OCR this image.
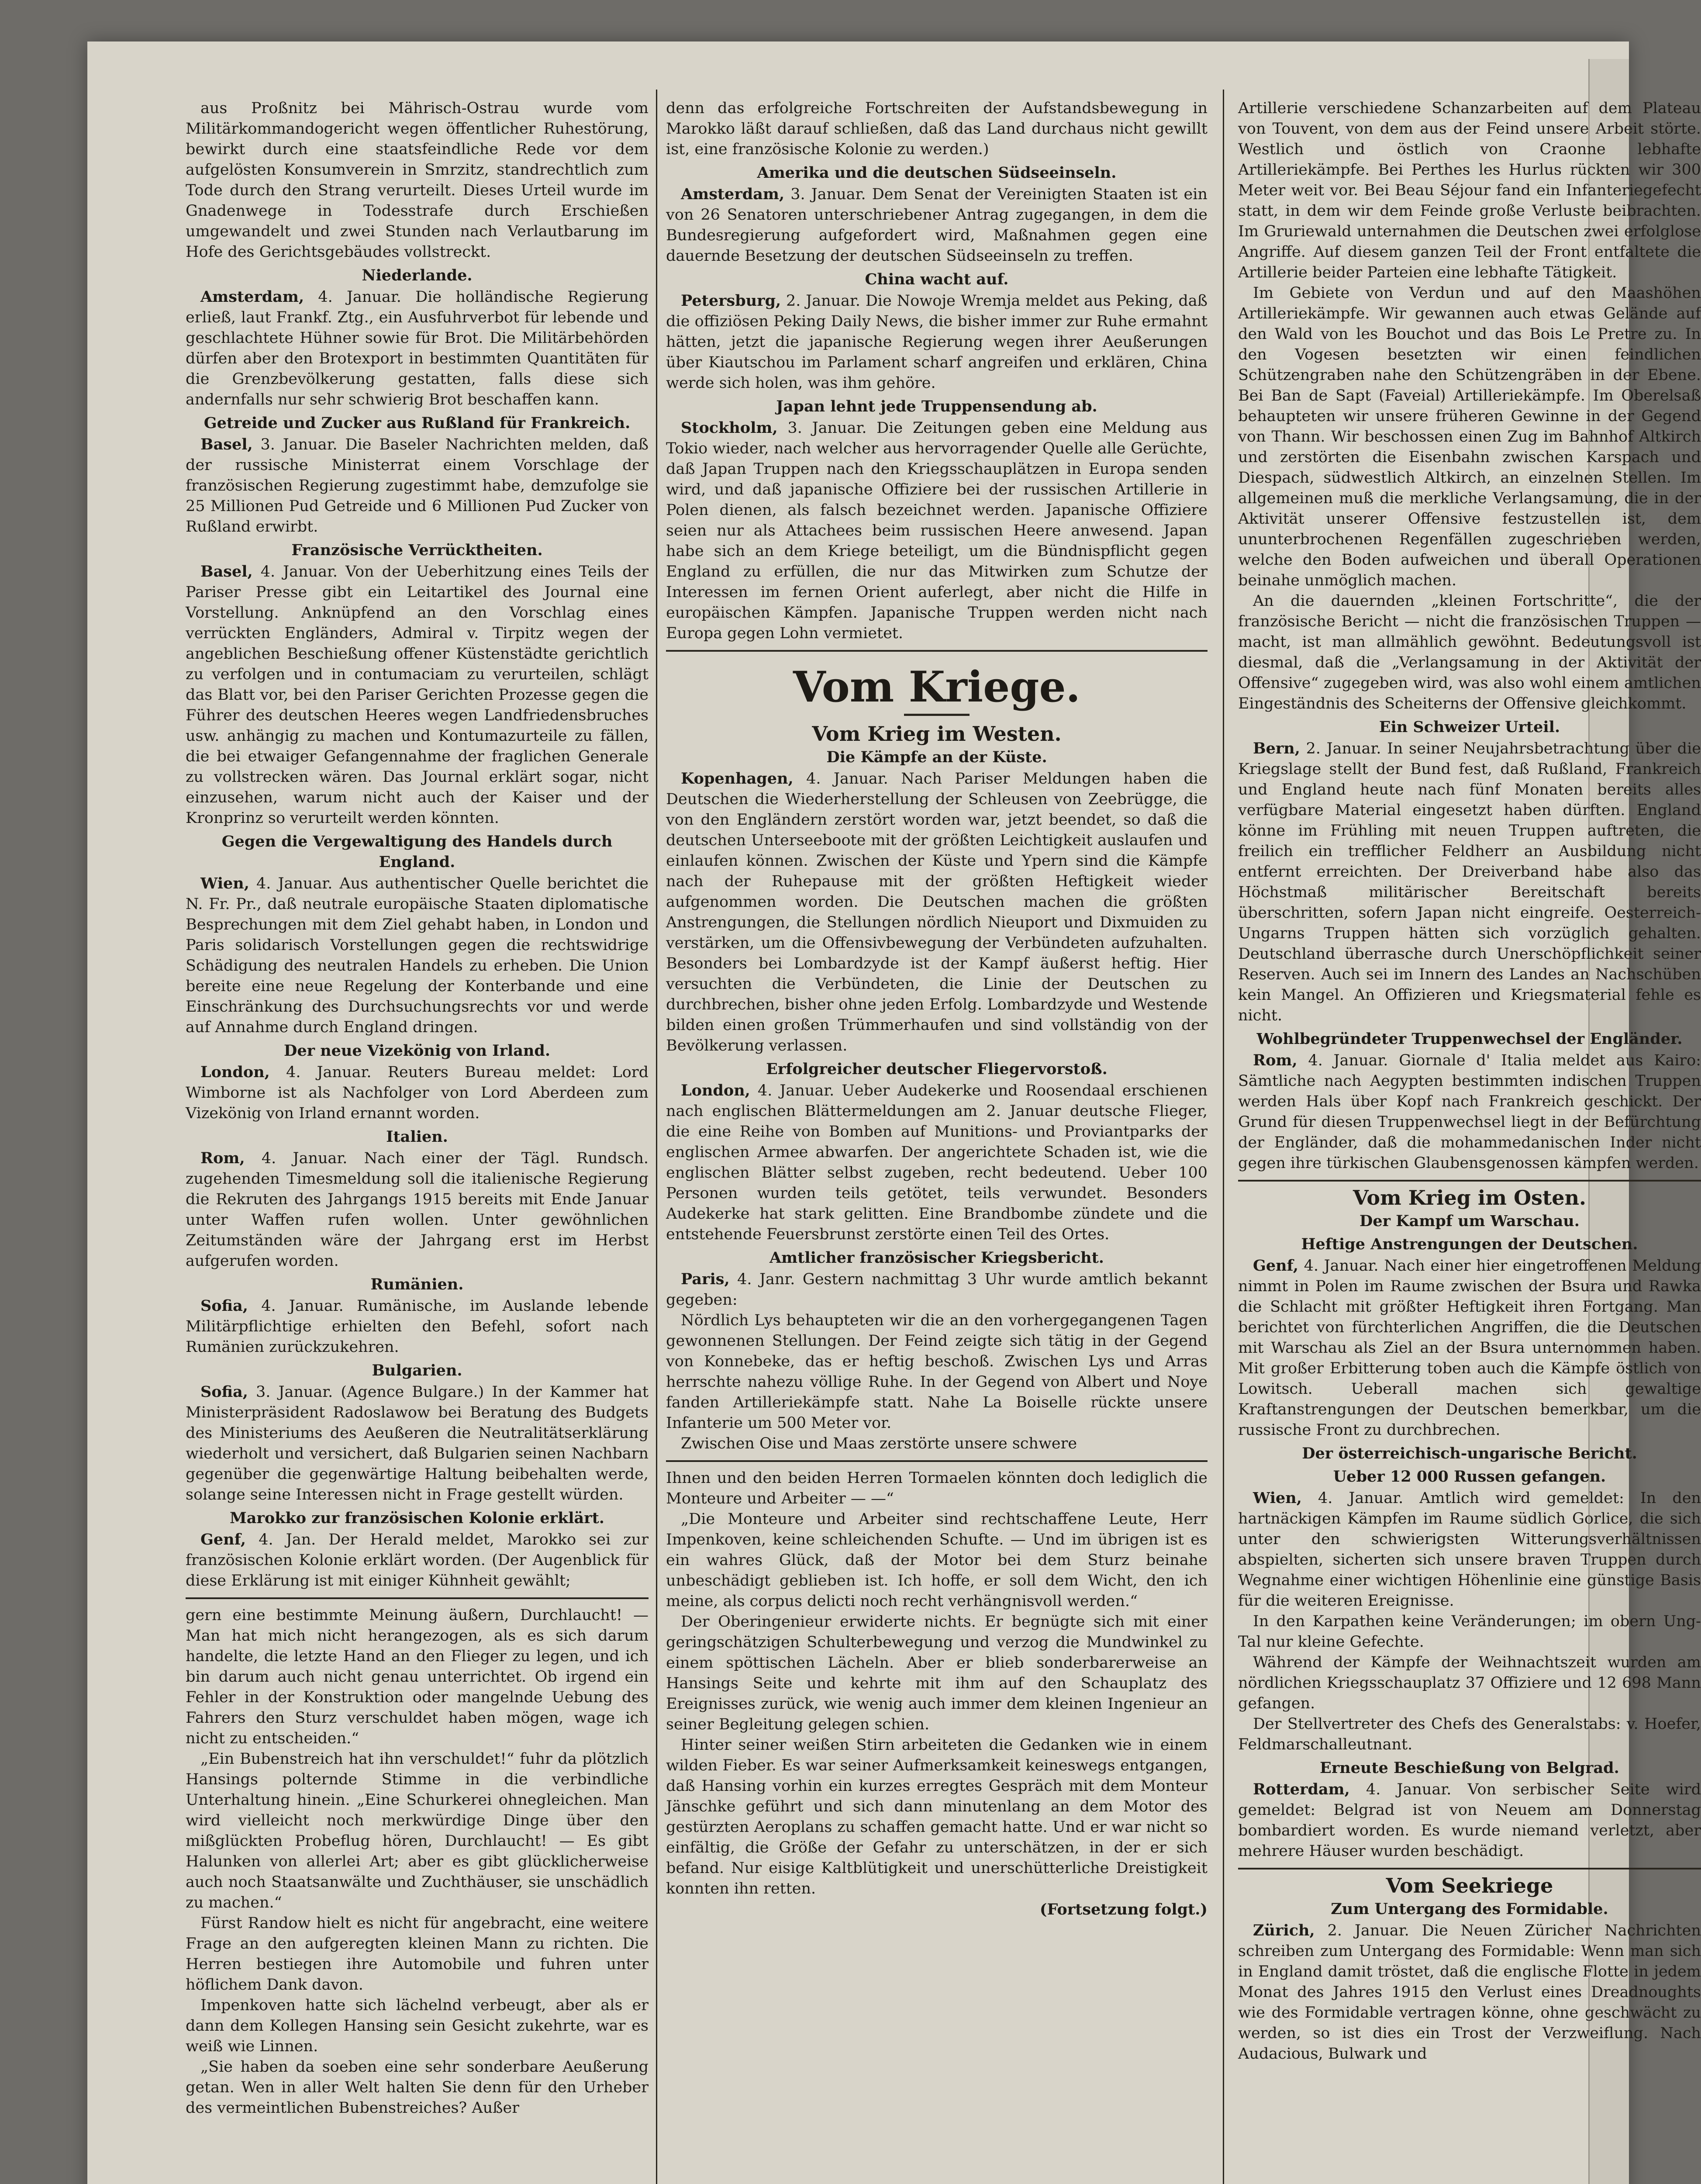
aus Proßnitz bei Mährisch-Ostrau wurde vom Militärkommandogericht wegen öffentlicher Ruhestörung, bewirkt durch eine staatsfeindliche Rede vor dem aufgelösten Konsumverein in Smrzitz, standrechtlich zum Tode durch den Strang verurteilt. Dieses Urteil wurde im Gnadenwege in Todesstrafe durch Erschießen umgewandelt und zwei Stunden nach Verlautbarung im Hofe des Gerichtsgebäudes vollstreckt.

Niederlande.

Amsterdam, 4. Januar. Die holländische Regierung erließ, laut Frankf. Ztg., ein Ausfuhrverbot für lebende und geschlachtete Hühner sowie für Brot. Die Militärbehörden dürfen aber den Brotexport in bestimmten Quantitäten für die Grenzbevölkerung gestatten, falls diese sich andernfalls nur sehr schwierig Brot beschaffen kann.

Getreide und Zucker aus Rußland für Frankreich.

Basel, 3. Januar. Die Baseler Nachrichten melden, daß der russische Ministerrat einem Vorschlage der französischen Regierung zugestimmt habe, demzufolge sie 25 Millionen Pud Getreide und 6 Millionen Pud Zucker von Rußland erwirbt.

Französische Verrücktheiten.

Basel, 4. Januar. Von der Ueberhitzung eines Teils der Pariser Presse gibt ein Leitartikel des Journal eine Vorstellung. Anknüpfend an den Vorschlag eines verrückten Engländers, Admiral v. Tirpitz wegen der angeblichen Beschießung offener Küstenstädte gerichtlich zu verfolgen und in contumaciam zu verurteilen, schlägt das Blatt vor, bei den Pariser Gerichten Prozesse gegen die Führer des deutschen Heeres wegen Landfriedensbruches usw. anhängig zu machen und Kontumazurteile zu fällen, die bei etwaiger Gefangennahme der fraglichen Generale zu vollstrecken wären. Das Journal erklärt sogar, nicht einzusehen, warum nicht auch der Kaiser und der Kronprinz so verurteilt werden könnten.

Gegen die Vergewaltigung des Handels durch England.

Wien, 4. Januar. Aus authentischer Quelle berichtet die N. Fr. Pr., daß neutrale europäische Staaten diplomatische Besprechungen mit dem Ziel gehabt haben, in London und Paris solidarisch Vorstellungen gegen die rechtswidrige Schädigung des neutralen Handels zu erheben. Die Union bereite eine neue Regelung der Konterbande und eine Einschränkung des Durchsuchungsrechts vor und werde auf Annahme durch England dringen.

Der neue Vizekönig von Irland.

London, 4. Januar. Reuters Bureau meldet: Lord Wimborne ist als Nachfolger von Lord Aberdeen zum Vizekönig von Irland ernannt worden.

Italien.

Rom, 4. Januar. Nach einer der Tägl. Rundsch. zugehenden Timesmeldung soll die italienische Regierung die Rekruten des Jahrgangs 1915 bereits mit Ende Januar unter Waffen rufen wollen. Unter gewöhnlichen Zeitumständen wäre der Jahrgang erst im Herbst aufgerufen worden.

Rumänien.

Sofia, 4. Januar. Rumänische, im Auslande lebende Militärpflichtige erhielten den Befehl, sofort nach Rumänien zurückzukehren.

Bulgarien.

Sofia, 3. Januar. (Agence Bulgare.) In der Kammer hat Ministerpräsident Radoslawow bei Beratung des Budgets des Ministeriums des Aeußeren die Neutralitätserklärung wiederholt und versichert, daß Bulgarien seinen Nachbarn gegenüber die gegenwärtige Haltung beibehalten werde, solange seine Interessen nicht in Frage gestellt würden.

Marokko zur französischen Kolonie erklärt.

Genf, 4. Jan. Der Herald meldet, Marokko sei zur französischen Kolonie erklärt worden. (Der Augenblick für diese Erklärung ist mit einiger Kühnheit gewählt;

gern eine bestimmte Meinung äußern, Durchlaucht! — Man hat mich nicht herangezogen, als es sich darum handelte, die letzte Hand an den Flieger zu legen, und ich bin darum auch nicht genau unterrichtet. Ob irgend ein Fehler in der Konstruktion oder mangelnde Uebung des Fahrers den Sturz verschuldet haben mögen, wage ich nicht zu entscheiden.“

„Ein Bubenstreich hat ihn verschuldet!“ fuhr da plötzlich Hansings polternde Stimme in die verbindliche Unterhaltung hinein. „Eine Schurkerei ohnegleichen. Man wird vielleicht noch merkwürdige Dinge über den mißglückten Probeflug hören, Durchlaucht! — Es gibt Halunken von allerlei Art; aber es gibt glücklicherweise auch noch Staatsanwälte und Zuchthäuser, sie unschädlich zu machen.“

Fürst Randow hielt es nicht für angebracht, eine weitere Frage an den aufgeregten kleinen Mann zu richten. Die Herren bestiegen ihre Automobile und fuhren unter höflichem Dank davon.

Impenkoven hatte sich lächelnd verbeugt, aber als er dann dem Kollegen Hansing sein Gesicht zukehrte, war es weiß wie Linnen.

„Sie haben da soeben eine sehr sonderbare Aeußerung getan. Wen in aller Welt halten Sie denn für den Urheber des vermeintlichen Bubenstreiches? Außer

denn das erfolgreiche Fortschreiten der Aufstandsbewegung in Marokko läßt darauf schließen, daß das Land durchaus nicht gewillt ist, eine französische Kolonie zu werden.)

Amerika und die deutschen Südseeinseln.

Amsterdam, 3. Januar. Dem Senat der Vereinigten Staaten ist ein von 26 Senatoren unterschriebener Antrag zugegangen, in dem die Bundesregierung aufgefordert wird, Maßnahmen gegen eine dauernde Besetzung der deutschen Südseeinseln zu treffen.

China wacht auf.

Petersburg, 2. Januar. Die Nowoje Wremja meldet aus Peking, daß die offiziösen Peking Daily News, die bisher immer zur Ruhe ermahnt hätten, jetzt die japanische Regierung wegen ihrer Aeußerungen über Kiautschou im Parlament scharf angreifen und erklären, China werde sich holen, was ihm gehöre.

Japan lehnt jede Truppensendung ab.

Stockholm, 3. Januar. Die Zeitungen geben eine Meldung aus Tokio wieder, nach welcher aus hervorragender Quelle alle Gerüchte, daß Japan Truppen nach den Kriegsschauplätzen in Europa senden wird, und daß japanische Offiziere bei der russischen Artillerie in Polen dienen, als falsch bezeichnet werden. Japanische Offiziere seien nur als Attachees beim russischen Heere anwesend. Japan habe sich an dem Kriege beteiligt, um die Bündnispflicht gegen England zu erfüllen, die nur das Mitwirken zum Schutze der Interessen im fernen Orient auferlegt, aber nicht die Hilfe in europäischen Kämpfen. Japanische Truppen werden nicht nach Europa gegen Lohn vermietet.

Vom Kriege.
Vom Krieg im Westen.
Die Kämpfe an der Küste.

Kopenhagen, 4. Januar. Nach Pariser Meldungen haben die Deutschen die Wiederherstellung der Schleusen von Zeebrügge, die von den Engländern zerstört worden war, jetzt beendet, so daß die deutschen Unterseeboote mit der größten Leichtigkeit auslaufen und einlaufen können. Zwischen der Küste und Ypern sind die Kämpfe nach der Ruhepause mit der größten Heftigkeit wieder aufgenommen worden. Die Deutschen machen die größten Anstrengungen, die Stellungen nördlich Nieuport und Dixmuiden zu verstärken, um die Offensivbewegung der Verbündeten aufzuhalten. Besonders bei Lombardzyde ist der Kampf äußerst heftig. Hier versuchten die Verbündeten, die Linie der Deutschen zu durchbrechen, bisher ohne jeden Erfolg. Lombardzyde und Westende bilden einen großen Trümmerhaufen und sind vollständig von der Bevölkerung verlassen.

Erfolgreicher deutscher Fliegervorstoß.

London, 4. Januar. Ueber Audekerke und Roosendaal erschienen nach englischen Blättermeldungen am 2. Januar deutsche Flieger, die eine Reihe von Bomben auf Munitions- und Proviantparks der englischen Armee abwarfen. Der angerichtete Schaden ist, wie die englischen Blätter selbst zugeben, recht bedeutend. Ueber 100 Personen wurden teils getötet, teils verwundet. Besonders Audekerke hat stark gelitten. Eine Brandbombe zündete und die entstehende Feuersbrunst zerstörte einen Teil des Ortes.

Amtlicher französischer Kriegsbericht.

Paris, 4. Janr. Gestern nachmittag 3 Uhr wurde amtlich bekannt gegeben:

Nördlich Lys behaupteten wir die an den vorhergegangenen Tagen gewonnenen Stellungen. Der Feind zeigte sich tätig in der Gegend von Konnebeke, das er heftig beschoß. Zwischen Lys und Arras herrschte nahezu völlige Ruhe. In der Gegend von Albert und Noye fanden Artilleriekämpfe statt. Nahe La Boiselle rückte unsere Infanterie um 500 Meter vor.

Zwischen Oise und Maas zerstörte unsere schwere

Ihnen und den beiden Herren Tormaelen könnten doch lediglich die Monteure und Arbeiter — —“

„Die Monteure und Arbeiter sind rechtschaffene Leute, Herr Impenkoven, keine schleichenden Schufte. — Und im übrigen ist es ein wahres Glück, daß der Motor bei dem Sturz beinahe unbeschädigt geblieben ist. Ich hoffe, er soll dem Wicht, den ich meine, als corpus delicti noch recht verhängnisvoll werden.“

Der Oberingenieur erwiderte nichts. Er begnügte sich mit einer geringschätzigen Schulterbewegung und verzog die Mundwinkel zu einem spöttischen Lächeln. Aber er blieb sonderbarerweise an Hansings Seite und kehrte mit ihm auf den Schauplatz des Ereignisses zurück, wie wenig auch immer dem kleinen Ingenieur an seiner Begleitung gelegen schien.

Hinter seiner weißen Stirn arbeiteten die Gedanken wie in einem wilden Fieber. Es war seiner Aufmerksamkeit keineswegs entgangen, daß Hansing vorhin ein kurzes erregtes Gespräch mit dem Monteur Jänschke geführt und sich dann minutenlang an dem Motor des gestürzten Aeroplans zu schaffen gemacht hatte. Und er war nicht so einfältig, die Größe der Gefahr zu unterschätzen, in der er sich befand. Nur eisige Kaltblütigkeit und unerschütterliche Dreistigkeit konnten ihn retten.

(Fortsetzung folgt.)

Artillerie verschiedene Schanzarbeiten auf dem Plateau von Touvent, von dem aus der Feind unsere Arbeit störte. Westlich und östlich von Craonne lebhafte Artilleriekämpfe. Bei Perthes les Hurlus rückten wir 300 Meter weit vor. Bei Beau Séjour fand ein Infanteriegefecht statt, in dem wir dem Feinde große Verluste beibrachten. Im Gruriewald unternahmen die Deutschen zwei erfolglose Angriffe. Auf diesem ganzen Teil der Front entfaltete die Artillerie beider Parteien eine lebhafte Tätigkeit.

Im Gebiete von Verdun und auf den Maashöhen Artilleriekämpfe. Wir gewannen auch etwas Gelände auf den Wald von les Bouchot und das Bois Le Pretre zu. In den Vogesen besetzten wir einen feindlichen Schützengraben nahe den Schützengräben in der Ebene. Bei Ban de Sapt (Faveial) Artilleriekämpfe. Im Oberelsaß behaupteten wir unsere früheren Gewinne in der Gegend von Thann. Wir beschossen einen Zug im Bahnhof Altkirch und zerstörten die Eisenbahn zwischen Karspach und Diespach, südwestlich Altkirch, an einzelnen Stellen. Im allgemeinen muß die merkliche Verlangsamung, die in der Aktivität unserer Offensive festzustellen ist, dem ununterbrochenen Regenfällen zugeschrieben werden, welche den Boden aufweichen und überall Operationen beinahe unmöglich machen.

An die dauernden „kleinen Fortschritte“, die der französische Bericht — nicht die französischen Truppen — macht, ist man allmählich gewöhnt. Bedeutungsvoll ist diesmal, daß die „Verlangsamung in der Aktivität der Offensive“ zugegeben wird, was also wohl einem amtlichen Eingeständnis des Scheiterns der Offensive gleichkommt.

Ein Schweizer Urteil.

Bern, 2. Januar. In seiner Neujahrsbetrachtung über die Kriegslage stellt der Bund fest, daß Rußland, Frankreich und England heute nach fünf Monaten bereits alles verfügbare Material eingesetzt haben dürften. England könne im Frühling mit neuen Truppen auftreten, die freilich ein trefflicher Feldherr an Ausbildung nicht entfernt erreichten. Der Dreiverband habe also das Höchstmaß militärischer Bereitschaft bereits überschritten, sofern Japan nicht eingreife. Oesterreich-Ungarns Truppen hätten sich vorzüglich gehalten. Deutschland überrasche durch Unerschöpflichkeit seiner Reserven. Auch sei im Innern des Landes an Nachschüben kein Mangel. An Offizieren und Kriegsmaterial fehle es nicht.

Wohlbegründeter Truppenwechsel der Engländer.

Rom, 4. Januar. Giornale d' Italia meldet aus Kairo: Sämtliche nach Aegypten bestimmten indischen Truppen werden Hals über Kopf nach Frankreich geschickt. Der Grund für diesen Truppenwechsel liegt in der Befürchtung der Engländer, daß die mohammedanischen Inder nicht gegen ihre türkischen Glaubensgenossen kämpfen werden.

Vom Krieg im Osten.
Der Kampf um Warschau.
Heftige Anstrengungen der Deutschen.

Genf, 4. Januar. Nach einer hier eingetroffenen Meldung nimmt in Polen im Raume zwischen der Bsura und Rawka die Schlacht mit größter Heftigkeit ihren Fortgang. Man berichtet von fürchterlichen Angriffen, die die Deutschen mit Warschau als Ziel an der Bsura unternommen haben. Mit großer Erbitterung toben auch die Kämpfe östlich von Lowitsch. Ueberall machen sich gewaltige Kraftanstrengungen der Deutschen bemerkbar, um die russische Front zu durchbrechen.

Der österreichisch-ungarische Bericht.
Ueber 12 000 Russen gefangen.

Wien, 4. Januar. Amtlich wird gemeldet: In den hartnäckigen Kämpfen im Raume südlich Gorlice, die sich unter den schwierigsten Witterungsverhältnissen abspielten, sicherten sich unsere braven Truppen durch Wegnahme einer wichtigen Höhenlinie eine günstige Basis für die weiteren Ereignisse.

In den Karpathen keine Veränderungen; im obern Ung-Tal nur kleine Gefechte.

Während der Kämpfe der Weihnachtszeit wurden am nördlichen Kriegsschauplatz 37 Offiziere und 12 698 Mann gefangen.

Der Stellvertreter des Chefs des Generalstabs: v. Hoefer, Feldmarschalleutnant.

Erneute Beschießung von Belgrad.

Rotterdam, 4. Januar. Von serbischer Seite wird gemeldet: Belgrad ist von Neuem am Donnerstag bombardiert worden. Es wurde niemand verletzt, aber mehrere Häuser wurden beschädigt.

Vom Seekriege
Zum Untergang des Formidable.

Zürich, 2. Januar. Die Neuen Züricher Nachrichten schreiben zum Untergang des Formidable: Wenn man sich in England damit tröstet, daß die englische Flotte in jedem Monat des Jahres 1915 den Verlust eines Dreadnoughts wie des Formidable vertragen könne, ohne geschwächt zu werden, so ist dies ein Trost der Verzweiflung. Nach Audacious, Bulwark und
